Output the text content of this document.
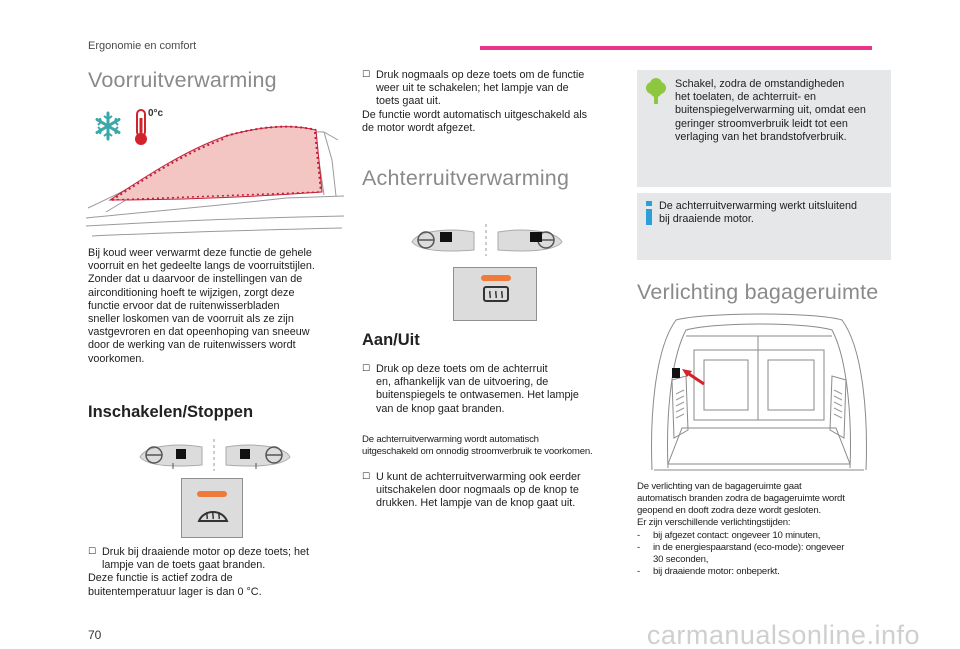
Ergonomie en comfort
Voorruitverwarming
0°c

Bij koud weer verwarmt deze functie de gehele

voorruit en het gedeelte langs de voorruitstijlen.

Zonder dat u daarvoor de instellingen van de

airconditioning hoeft te wijzigen, zorgt deze

functie ervoor dat de ruitenwisserbladen

sneller loskomen van de voorruit als ze zijn

vastgevroren en dat opeenhoping van sneeuw

door de werking van de ruitenwissers wordt

voorkomen.

Inschakelen/Stoppen

☐ Druk bij draaiende motor op deze toets; het

lampje van de toets gaat branden.

Deze functie is actief zodra de

buitentemperatuur lager is dan 0 °C.

☐ Druk nogmaals op deze toets om de functie

weer uit te schakelen; het lampje van de

toets gaat uit.

De functie wordt automatisch uitgeschakeld als

de motor wordt afgezet.

Achterruitverwarming
Aan/Uit

☐ Druk op deze toets om de achterruit

en, afhankelijk van de uitvoering, de

buitenspiegels te ontwasemen. Het lampje

van de knop gaat branden.

De achterruitverwarming wordt automatisch

uitgeschakeld om onnodig stroomverbruik te voorkomen.

☐ U kunt de achterruitverwarming ook eerder

uitschakelen door nogmaals op de knop te

drukken. Het lampje van de knop gaat uit.

Schakel, zodra de omstandigheden

het toelaten, de achterruit- en

buitenspiegelverwarming uit, omdat een

geringer stroomverbruik leidt tot een

verlaging van het brandstofverbruik.

De achterruitverwarming werkt uitsluitend

bij draaiende motor.

Verlichting bagageruimte

De verlichting van de bagageruimte gaat

automatisch branden zodra de bagageruimte wordt

geopend en dooft zodra deze wordt gesloten.

Er zijn verschillende verlichtingstijden:

- bij afgezet contact: ongeveer 10 minuten,

- in de energiespaarstand (eco-mode): ongeveer

30 seconden,

- bij draaiende motor: onbeperkt.

70	carmanualsonline.info
